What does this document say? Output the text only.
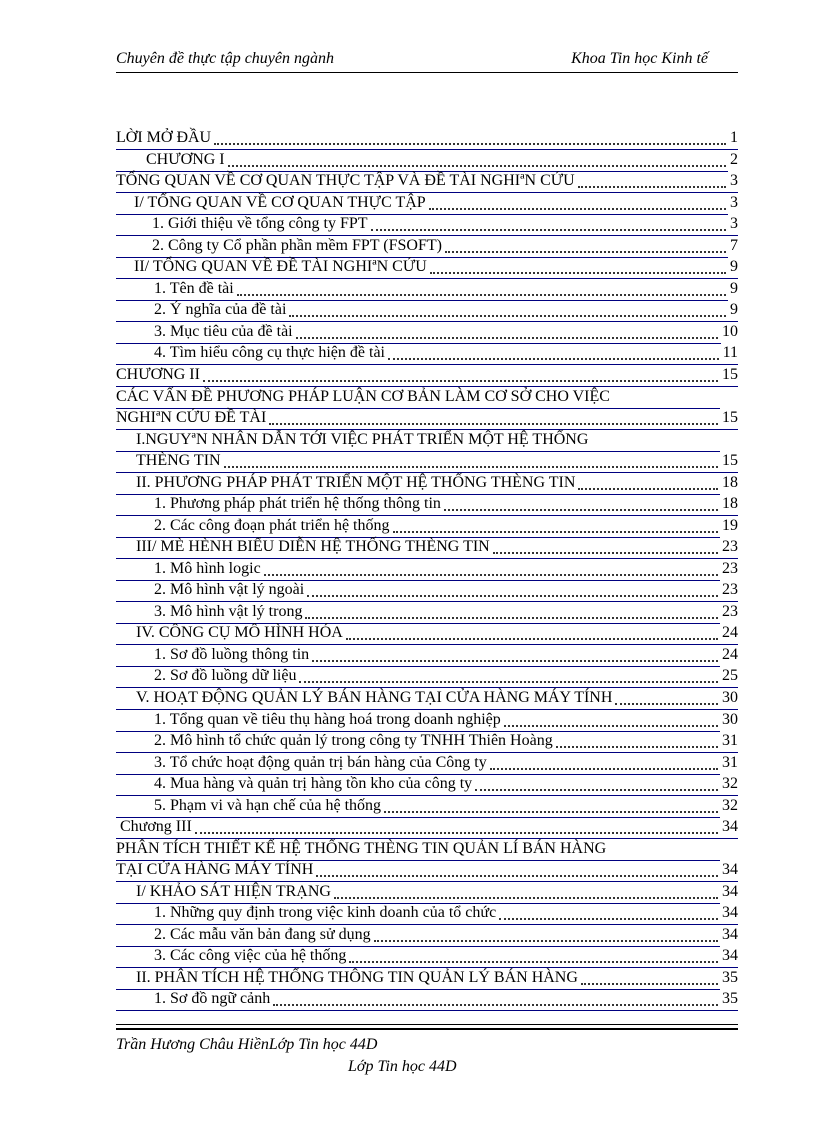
Chuyên đề thực tập chuyên ngành	Khoa Tin học Kinh tế
LỜI MỞ ĐẦU	1
CHƯƠNG I	2
TỔNG QUAN VỀ CƠ QUAN THỰC TẬP VÀ ĐỀ TÀI NGHIªN CỨU	3
I/ TỔNG QUAN VỀ CƠ QUAN THỰC TẬP	3
1. Giới thiệu về tổng công ty FPT	3
2. Công ty Cổ phần phần mềm FPT (FSOFT)	7
II/ TỔNG QUAN VỀ ĐỀ TÀI NGHIªN CỨU	9
1. Tên đề tài	9
2. Ý nghĩa của đề tài	9
3. Mục tiêu của đề tài	10
4. Tìm hiểu công cụ thực hiện đề tài	11
CHƯƠNG II	15
CÁC VẤN ĐỀ PHƯƠNG PHÁP LUẬN CƠ BẢN LÀM CƠ SỞ CHO VIỆC
NGHIªN CỨU ĐỀ TÀI	15
I.NGUYªN NHÂN DẪN TỚI VIỆC PHÁT TRIỂN MỘT HỆ THỐNG
THÈNG TIN	15
II. PHƯƠNG PHÁP PHÁT TRIỂN MỘT HỆ THỐNG THÈNG TIN	18
1. Phương pháp phát triển hệ thống thông tin	18
2. Các công đoạn phát triển hệ thống	19
III/ MÈ HÈNH BIỂU DIỄN HỆ THỐNG THÈNG TIN	23
1. Mô hình logic	23
2. Mô hình vật lý ngoài	23
3. Mô hình vật lý trong	23
IV. CÔNG CỤ MÔ HÌNH HÓA	24
1. Sơ đồ luồng thông tin	24
2. Sơ đồ luồng dữ liệu	25
V. HOẠT ĐỘNG QUẢN LÝ BÁN HÀNG TẠI CỬA HÀNG MÁY TÍNH	30
1. Tổng quan về tiêu thụ hàng hoá trong doanh nghiệp	30
2. Mô hình tổ chức quản lý trong công ty TNHH Thiên Hoàng	31
3. Tổ chức hoạt động quản trị bán hàng của Công ty	31
4. Mua hàng và quản trị hàng tồn kho của công ty	32
5. Phạm vi và hạn chế của hệ thống	32
Chương III	34
PHÂN TÍCH THIẾT KẾ HỆ THỐNG THÈNG TIN QUẢN LÍ BÁN HÀNG
TẠI CỬA HÀNG MÁY TÍNH	34
I/ KHẢO SÁT HIỆN TRẠNG	34
1. Những quy định trong việc kinh doanh của tổ chức	34
2. Các mẫu văn bản đang sử dụng	34
3. Các công việc của hệ thống	34
II. PHÂN TÍCH HỆ THỐNG THÔNG TIN QUẢN LÝ BÁN HÀNG	35
1. Sơ đồ ngữ cảnh	35
Trần Hương Châu HiềnLớp Tin học 44D
Lớp Tin học 44D
